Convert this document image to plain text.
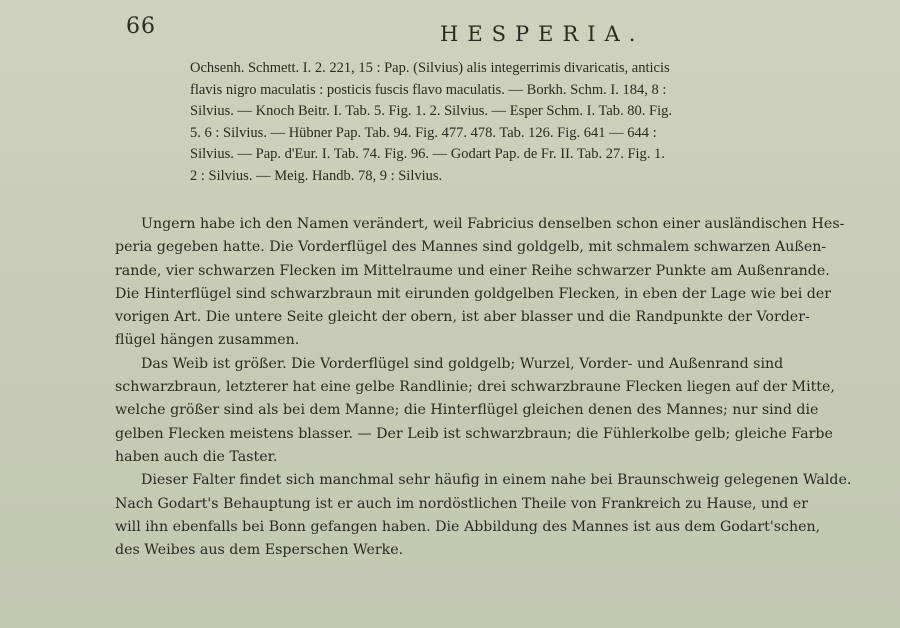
66	HESPERIA.
Ochsenh. Schmett. I. 2. 221, 15 : Pap. (Silvius) alis integerrimis divaricatis, anticis
flavis nigro maculatis : posticis fuscis flavo maculatis. — Borkh. Schm. I. 184, 8 :
Silvius. — Knoch Beitr. I. Tab. 5. Fig. 1. 2. Silvius. — Esper Schm. I. Tab. 80. Fig.
5. 6 : Silvius. — Hübner Pap. Tab. 94. Fig. 477. 478. Tab. 126. Fig. 641 — 644 :
Silvius. — Pap. d'Eur. I. Tab. 74. Fig. 96. — Godart Pap. de Fr. II. Tab. 27. Fig. 1.
2 : Silvius. — Meig. Handb. 78, 9 : Silvius.
Ungern habe ich den Namen verändert, weil Fabricius denselben schon einer ausländischen Hes-
peria gegeben hatte. Die Vorderflügel des Mannes sind goldgelb, mit schmalem schwarzen Außen-
rande, vier schwarzen Flecken im Mittelraume und einer Reihe schwarzer Punkte am Außenrande.
Die Hinterflügel sind schwarzbraun mit eirunden goldgelben Flecken, in eben der Lage wie bei der
vorigen Art. Die untere Seite gleicht der obern, ist aber blasser und die Randpunkte der Vorder-
flügel hängen zusammen.
Das Weib ist größer. Die Vorderflügel sind goldgelb; Wurzel, Vorder- und Außenrand sind
schwarzbraun, letzterer hat eine gelbe Randlinie; drei schwarzbraune Flecken liegen auf der Mitte,
welche größer sind als bei dem Manne; die Hinterflügel gleichen denen des Mannes; nur sind die
gelben Flecken meistens blasser. — Der Leib ist schwarzbraun; die Fühlerkolbe gelb; gleiche Farbe
haben auch die Taster.
Dieser Falter findet sich manchmal sehr häufig in einem nahe bei Braunschweig gelegenen Walde.
Nach Godart's Behauptung ist er auch im nordöstlichen Theile von Frankreich zu Hause, und er
will ihn ebenfalls bei Bonn gefangen haben. Die Abbildung des Mannes ist aus dem Godart'schen,
des Weibes aus dem Esperschen Werke.
